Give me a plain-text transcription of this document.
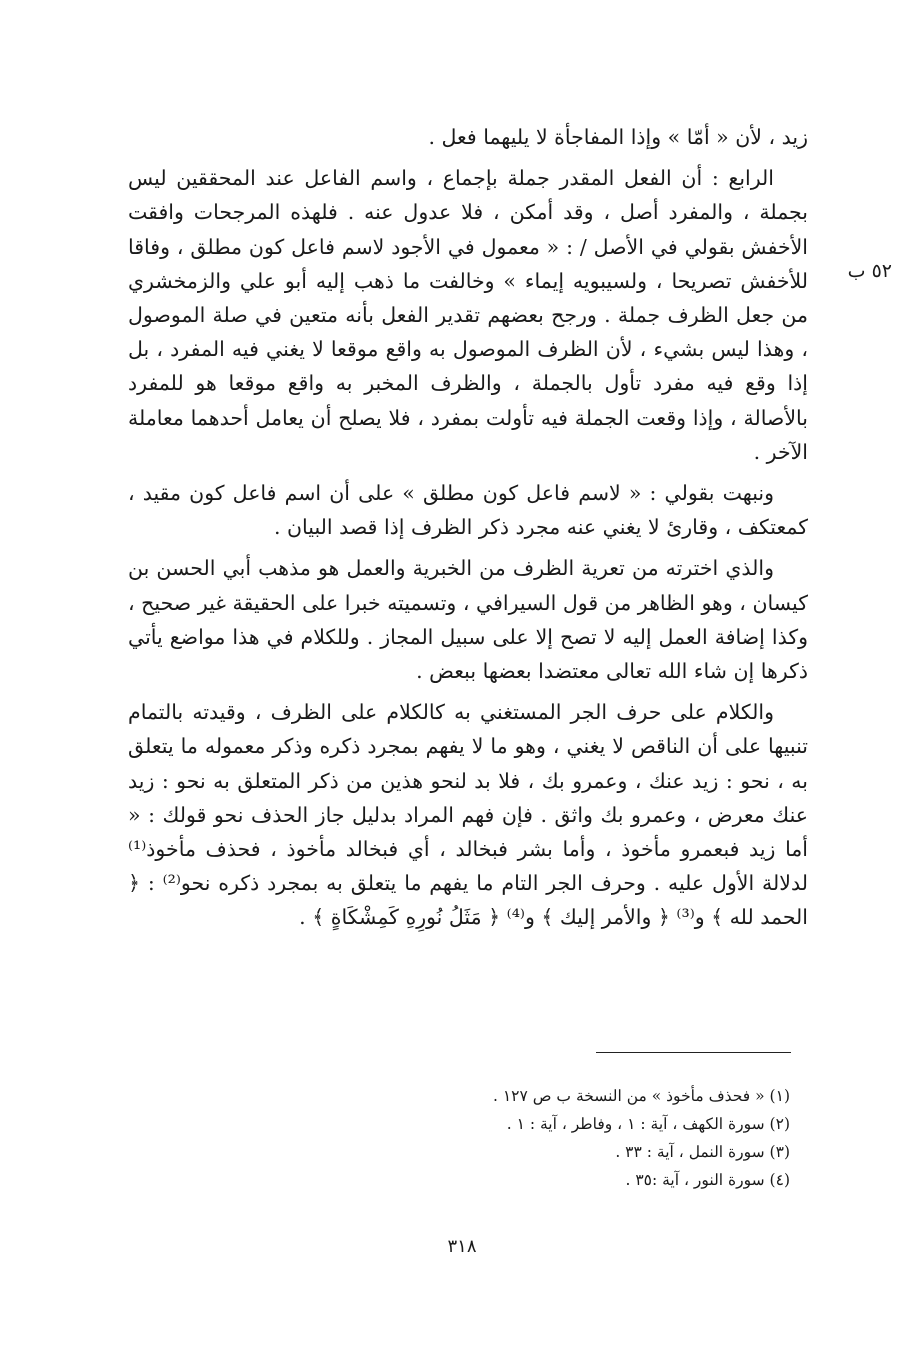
٥٢ ب

زيد ، لأن « أمّا » وإذا المفاجأة لا يليهما فعل .

الرابع : أن الفعل المقدر جملة بإجماع ، واسم الفاعل عند المحققين ليس بجملة ، والمفرد أصل ، وقد أمكن ، فلا عدول عنه . فلهذه المرجحات وافقت الأخفش بقولي في الأصل / : « معمول في الأجود لاسم فاعل كون مطلق ، وفاقا للأخفش تصريحا ، ولسيبويه إيماء » وخالفت ما ذهب إليه أبو علي والزمخشري من جعل الظرف جملة . ورجح بعضهم تقدير الفعل بأنه متعين في صلة الموصول ، وهذا ليس بشيء ، لأن الظرف الموصول به واقع موقعا لا يغني فيه المفرد ، بل إذا وقع فيه مفرد تأول بالجملة ، والظرف المخبر به واقع موقعا هو للمفرد بالأصالة ، وإذا وقعت الجملة فيه تأولت بمفرد ، فلا يصلح أن يعامل أحدهما معاملة الآخر .

ونبهت بقولي : « لاسم فاعل كون مطلق » على أن اسم فاعل كون مقيد ، كمعتكف ، وقارئ لا يغني عنه مجرد ذكر الظرف إذا قصد البيان .

والذي اخترته من تعرية الظرف من الخبرية والعمل هو مذهب أبي الحسن بن كيسان ، وهو الظاهر من قول السيرافي ، وتسميته خبرا على الحقيقة غير صحيح ، وكذا إضافة العمل إليه لا تصح إلا على سبيل المجاز . وللكلام في هذا مواضع يأتي ذكرها إن شاء الله تعالى معتضدا بعضها ببعض .

والكلام على حرف الجر المستغني به كالكلام على الظرف ، وقيدته بالتمام تنبيها على أن الناقص لا يغني ، وهو ما لا يفهم بمجرد ذكره وذكر معموله ما يتعلق به ، نحو : زيد عنك ، وعمرو بك ، فلا بد لنحو هذين من ذكر المتعلق به نحو : زيد عنك معرض ، وعمرو بك واثق . فإن فهم المراد بدليل جاز الحذف نحو قولك : « أما زيد فبعمرو مأخوذ ، وأما بشر فبخالد ، أي فبخالد مأخوذ ، فحذف مأخوذ⁽¹⁾ لدلالة الأول عليه . وحرف الجر التام ما يفهم ما يتعلق به بمجرد ذكره نحو⁽²⁾ : ﴿ الحمد لله ﴾ و⁽³⁾ ﴿ والأمر إليك ﴾ و⁽⁴⁾ ﴿ مَثَلُ نُورِهِ كَمِشْكَاةٍ ﴾ .

(١) « فحذف مأخوذ » من النسخة ب ص ١٢٧ .

(٢) سورة الكهف ، آية : ١ ، وفاطر ، آية : ١ .

(٣) سورة النمل ، آية : ٣٣ .

(٤) سورة النور ، آية :٣٥ .

٣١٨
